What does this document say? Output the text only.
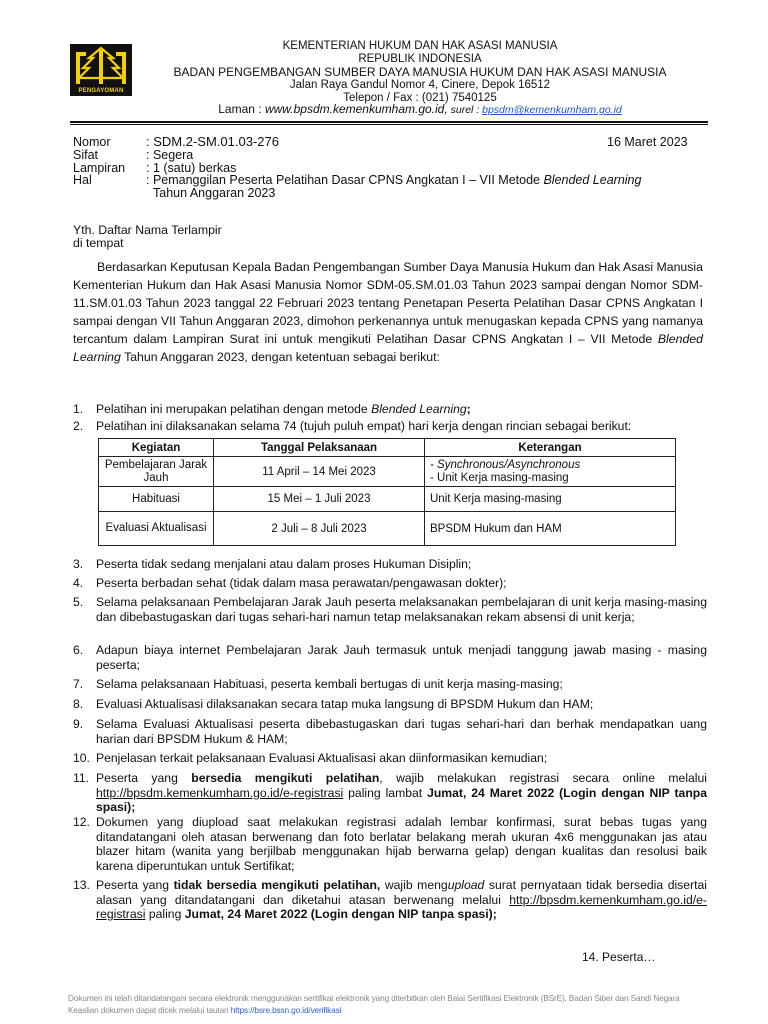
PENGAYOMAN
KEMENTERIAN HUKUM DAN HAK ASASI MANUSIA
REPUBLIK INDONESIA
BADAN PENGEMBANGAN SUMBER DAYA MANUSIA HUKUM DAN HAK ASASI MANUSIA
Jalan Raya Gandul Nomor 4, Cinere, Depok 16512
Telepon / Fax : (021) 7540125
Laman : www.bpsdm.kemenkumham.go.id, surel : bpsdm@kemenkumham.go.id
Nomor	: SDM.2-SM.01.03-276	16 Maret 2023
Sifat	: Segera
Lampiran : 1 (satu) berkas
Hal	: Pemanggilan Peserta Pelatihan Dasar CPNS Angkatan I – VII Metode Blended Learning
Tahun Anggaran 2023
Yth. Daftar Nama Terlampir
di tempat

Berdasarkan Keputusan Kepala Badan Pengembangan Sumber Daya Manusia Hukum dan Hak Asasi Manusia Kementerian Hukum dan Hak Asasi Manusia Nomor SDM-05.SM.01.03 Tahun 2023 sampai dengan Nomor SDM-11.SM.01.03 Tahun 2023 tanggal 22 Februari 2023 tentang Penetapan Peserta Pelatihan Dasar CPNS Angkatan I sampai dengan VII Tahun Anggaran 2023, dimohon perkenannya untuk menugaskan kepada CPNS yang namanya tercantum dalam Lampiran Surat ini untuk mengikuti Pelatihan Dasar CPNS Angkatan I – VII Metode Blended Learning Tahun Anggaran 2023, dengan ketentuan sebagai berikut:

1.	Pelatihan ini merupakan pelatihan dengan metode Blended Learning;
2.	Pelatihan ini dilaksanakan selama 74 (tujuh puluh empat) hari kerja dengan rincian sebagai berikut:
Kegiatan	Tanggal Pelaksanaan	Keterangan
Pembelajaran Jarak Jauh	11 April – 14 Mei 2023	- Synchronous/Asynchronous
- Unit Kerja masing-masing

Habituasi	15 Mei – 1 Juli 2023	Unit Kerja masing-masing
Evaluasi Aktualisasi	2 Juli – 8 Juli 2023	BPSDM Hukum dan HAM
3.	Peserta tidak sedang menjalani atau dalam proses Hukuman Disiplin;
4.	Peserta berbadan sehat (tidak dalam masa perawatan/pengawasan dokter);
5.	Selama pelaksanaan Pembelajaran Jarak Jauh peserta melaksanakan pembelajaran di unit kerja masing-masing dan dibebastugaskan dari tugas sehari-hari namun tetap melaksanakan rekam absensi di unit kerja;
6.	Adapun biaya internet Pembelajaran Jarak Jauh termasuk untuk menjadi tanggung jawab masing - masing peserta;
7.	Selama pelaksanaan Habituasi, peserta kembali bertugas di unit kerja masing-masing;
8.	Evaluasi Aktualisasi dilaksanakan secara tatap muka langsung di BPSDM Hukum dan HAM;
9.	Selama Evaluasi Aktualisasi peserta dibebastugaskan dari tugas sehari-hari dan berhak mendapatkan uang harian dari BPSDM Hukum & HAM;
10. Penjelasan terkait pelaksanaan Evaluasi Aktualisasi akan diinformasikan kemudian;
11. Peserta yang bersedia mengikuti pelatihan, wajib melakukan registrasi secara online melalui http://bpsdm.kemenkumham.go.id/e-registrasi paling lambat Jumat, 24 Maret 2022 (Login dengan NIP tanpa spasi);
12. Dokumen yang diupload saat melakukan registrasi adalah lembar konfirmasi, surat bebas tugas yang ditandatangani oleh atasan berwenang dan foto berlatar belakang merah ukuran 4x6 menggunakan jas atau blazer hitam (wanita yang berjilbab menggunakan hijab berwarna gelap) dengan kualitas dan resolusi baik karena diperuntukan untuk Sertifikat;
13. Peserta yang tidak bersedia mengikuti pelatihan, wajib mengupload surat pernyataan tidak bersedia disertai alasan yang ditandatangani dan diketahui atasan berwenang melalui http://bpsdm.kemenkumham.go.id/e-registrasi paling Jumat, 24 Maret 2022 (Login dengan NIP tanpa spasi);
14. Peserta…
Dokumen ini telah ditandatangani secara elektronik menggunakan sertifikat elektronik yang diterbitkan oleh Balai Sertifikasi Elektronik (BSrE), Badan Siber dan Sandi Negara
Keaslian dokumen dapat dicek melalui tautan https://bsre.bssn.go.id/verifikasi
